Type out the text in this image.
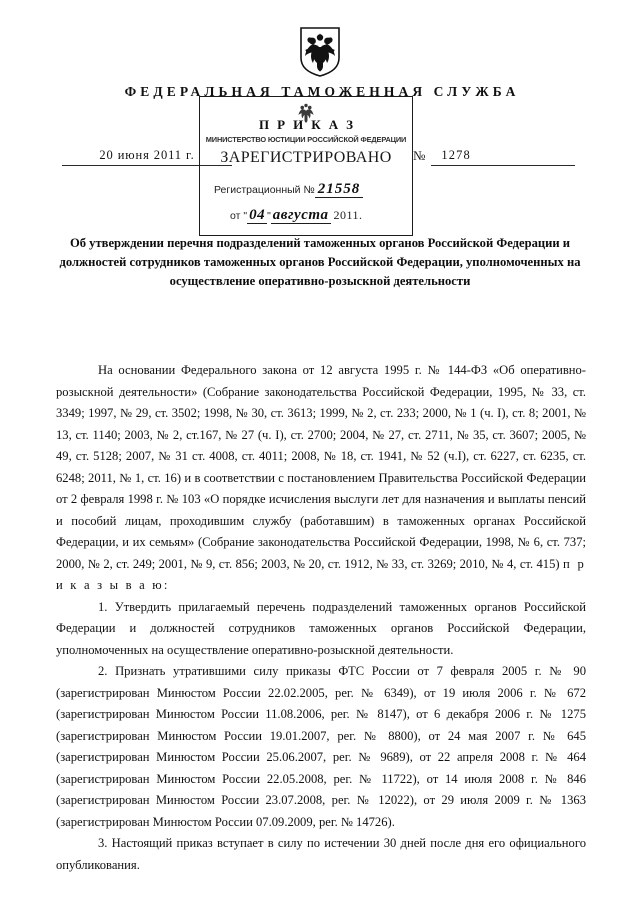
ФЕДЕРАЛЬНАЯ ТАМОЖЕННАЯ СЛУЖБА
20 июня 2011 г.	№	1278
П Р И К А З
МИНИСТЕРСТВО ЮСТИЦИИ РОССИЙСКОЙ ФЕДЕРАЦИИ
ЗАРЕГИСТРИРОВАНО
Регистрационный № 21558
от " 04 " августа 2011.
Об утверждении перечня подразделений таможенных органов Российской Федерации и должностей сотрудников таможенных органов Российской Федерации, уполномоченных на осуществление оперативно-розыскной деятельности

На основании Федерального закона от 12 августа 1995 г. № 144-ФЗ «Об оперативно-розыскной деятельности» (Собрание законодательства Российской Федерации, 1995, № 33, ст. 3349; 1997, № 29, ст. 3502; 1998, № 30, ст. 3613; 1999, № 2, ст. 233; 2000, № 1 (ч. I), ст. 8; 2001, № 13, ст. 1140; 2003, № 2, ст.167, № 27 (ч. I), ст. 2700; 2004, № 27, ст. 2711, № 35, ст. 3607; 2005, № 49, ст. 5128; 2007, № 31 ст. 4008, ст. 4011; 2008, № 18, ст. 1941, № 52 (ч.I), ст. 6227, ст. 6235, ст. 6248; 2011, № 1, ст. 16) и в соответствии с постановлением Правительства Российской Федерации от 2 февраля 1998 г. № 103 «О порядке исчисления выслуги лет для назначения и выплаты пенсий и пособий лицам, проходившим службу (работавшим) в таможенных органах Российской Федерации, и их семьям» (Собрание законодательства Российской Федерации, 1998, № 6, ст. 737; 2000, № 2, ст. 249; 2001, № 9, ст. 856; 2003, № 20, ст. 1912, № 33, ст. 3269; 2010, № 4, ст. 415) п р и к а з ы в а ю:

1. Утвердить прилагаемый перечень подразделений таможенных органов Российской Федерации и должностей сотрудников таможенных органов Российской Федерации, уполномоченных на осуществление оперативно-розыскной деятельности.

2. Признать утратившими силу приказы ФТС России от 7 февраля 2005 г. № 90 (зарегистрирован Минюстом России 22.02.2005, рег. № 6349), от 19 июля 2006 г. № 672 (зарегистрирован Минюстом России 11.08.2006, рег. № 8147), от 6 декабря 2006 г. № 1275 (зарегистрирован Минюстом России 19.01.2007, рег. № 8800), от 24 мая 2007 г. № 645 (зарегистрирован Минюстом России 25.06.2007, рег. № 9689), от 22 апреля 2008 г. № 464 (зарегистрирован Минюстом России 22.05.2008, рег. № 11722), от 14 июля 2008 г. № 846 (зарегистрирован Минюстом России 23.07.2008, рег. № 12022), от 29 июля 2009 г. № 1363 (зарегистрирован Минюстом России 07.09.2009, рег. № 14726).

3. Настоящий приказ вступает в силу по истечении 30 дней после дня его официального опубликования.
